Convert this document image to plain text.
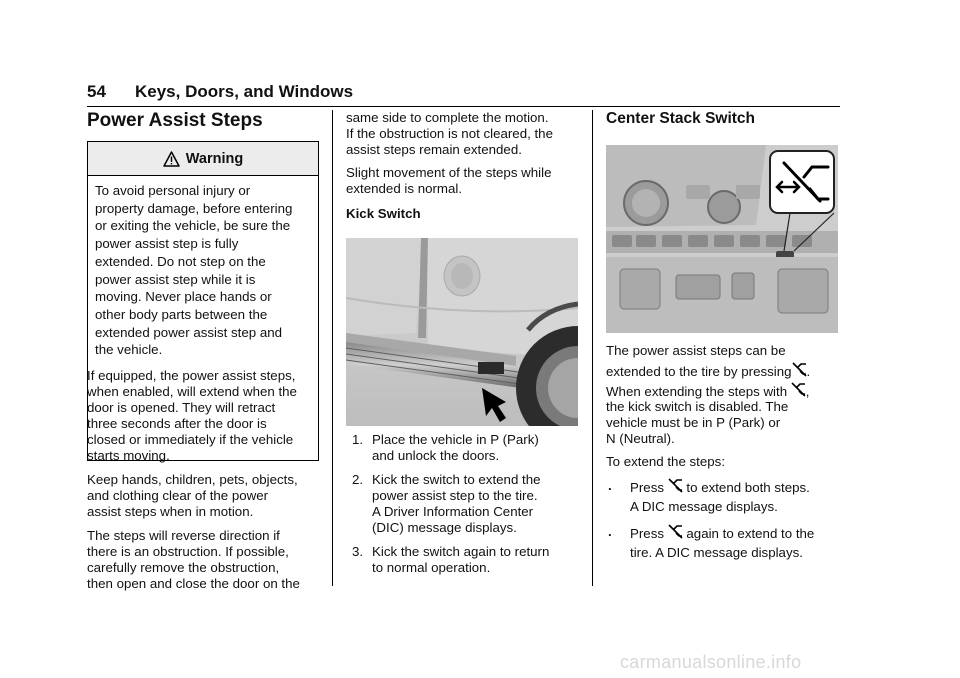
54 Keys, Doors, and Windows
Power Assist Steps
Warning
To avoid personal injury or
property damage, before entering
or exiting the vehicle, be sure the
power assist step is fully
extended. Do not step on the
power assist step while it is
moving. Never place hands or
other body parts between the
extended power assist step and
the vehicle.

If equipped, the power assist steps,

when enabled, will extend when the

door is opened. They will retract

three seconds after the door is

closed or immediately if the vehicle

starts moving.

Keep hands, children, pets, objects,

and clothing clear of the power

assist steps when in motion.

The steps will reverse direction if

there is an obstruction. If possible,

carefully remove the obstruction,

then open and close the door on the

same side to complete the motion.

If the obstruction is not cleared, the

assist steps remain extended.

Slight movement of the steps while

extended is normal.

Kick Switch

1. Place the vehicle in P (Park)
and unlock the doors.
2. Kick the switch to extend the
power assist step to the tire.
A Driver Information Center
(DIC) message displays.
3. Kick the switch again to return
to normal operation.
Center Stack Switch

The power assist steps can be

extended to the tire by pressing .

When extending the steps with ,

the kick switch is disabled. The

vehicle must be in P (Park) or

N (Neutral).

To extend the steps:

. Press to extend both steps.
A DIC message displays.
. Press again to extend to the
tire. A DIC message displays.
carmanualsonline.info
